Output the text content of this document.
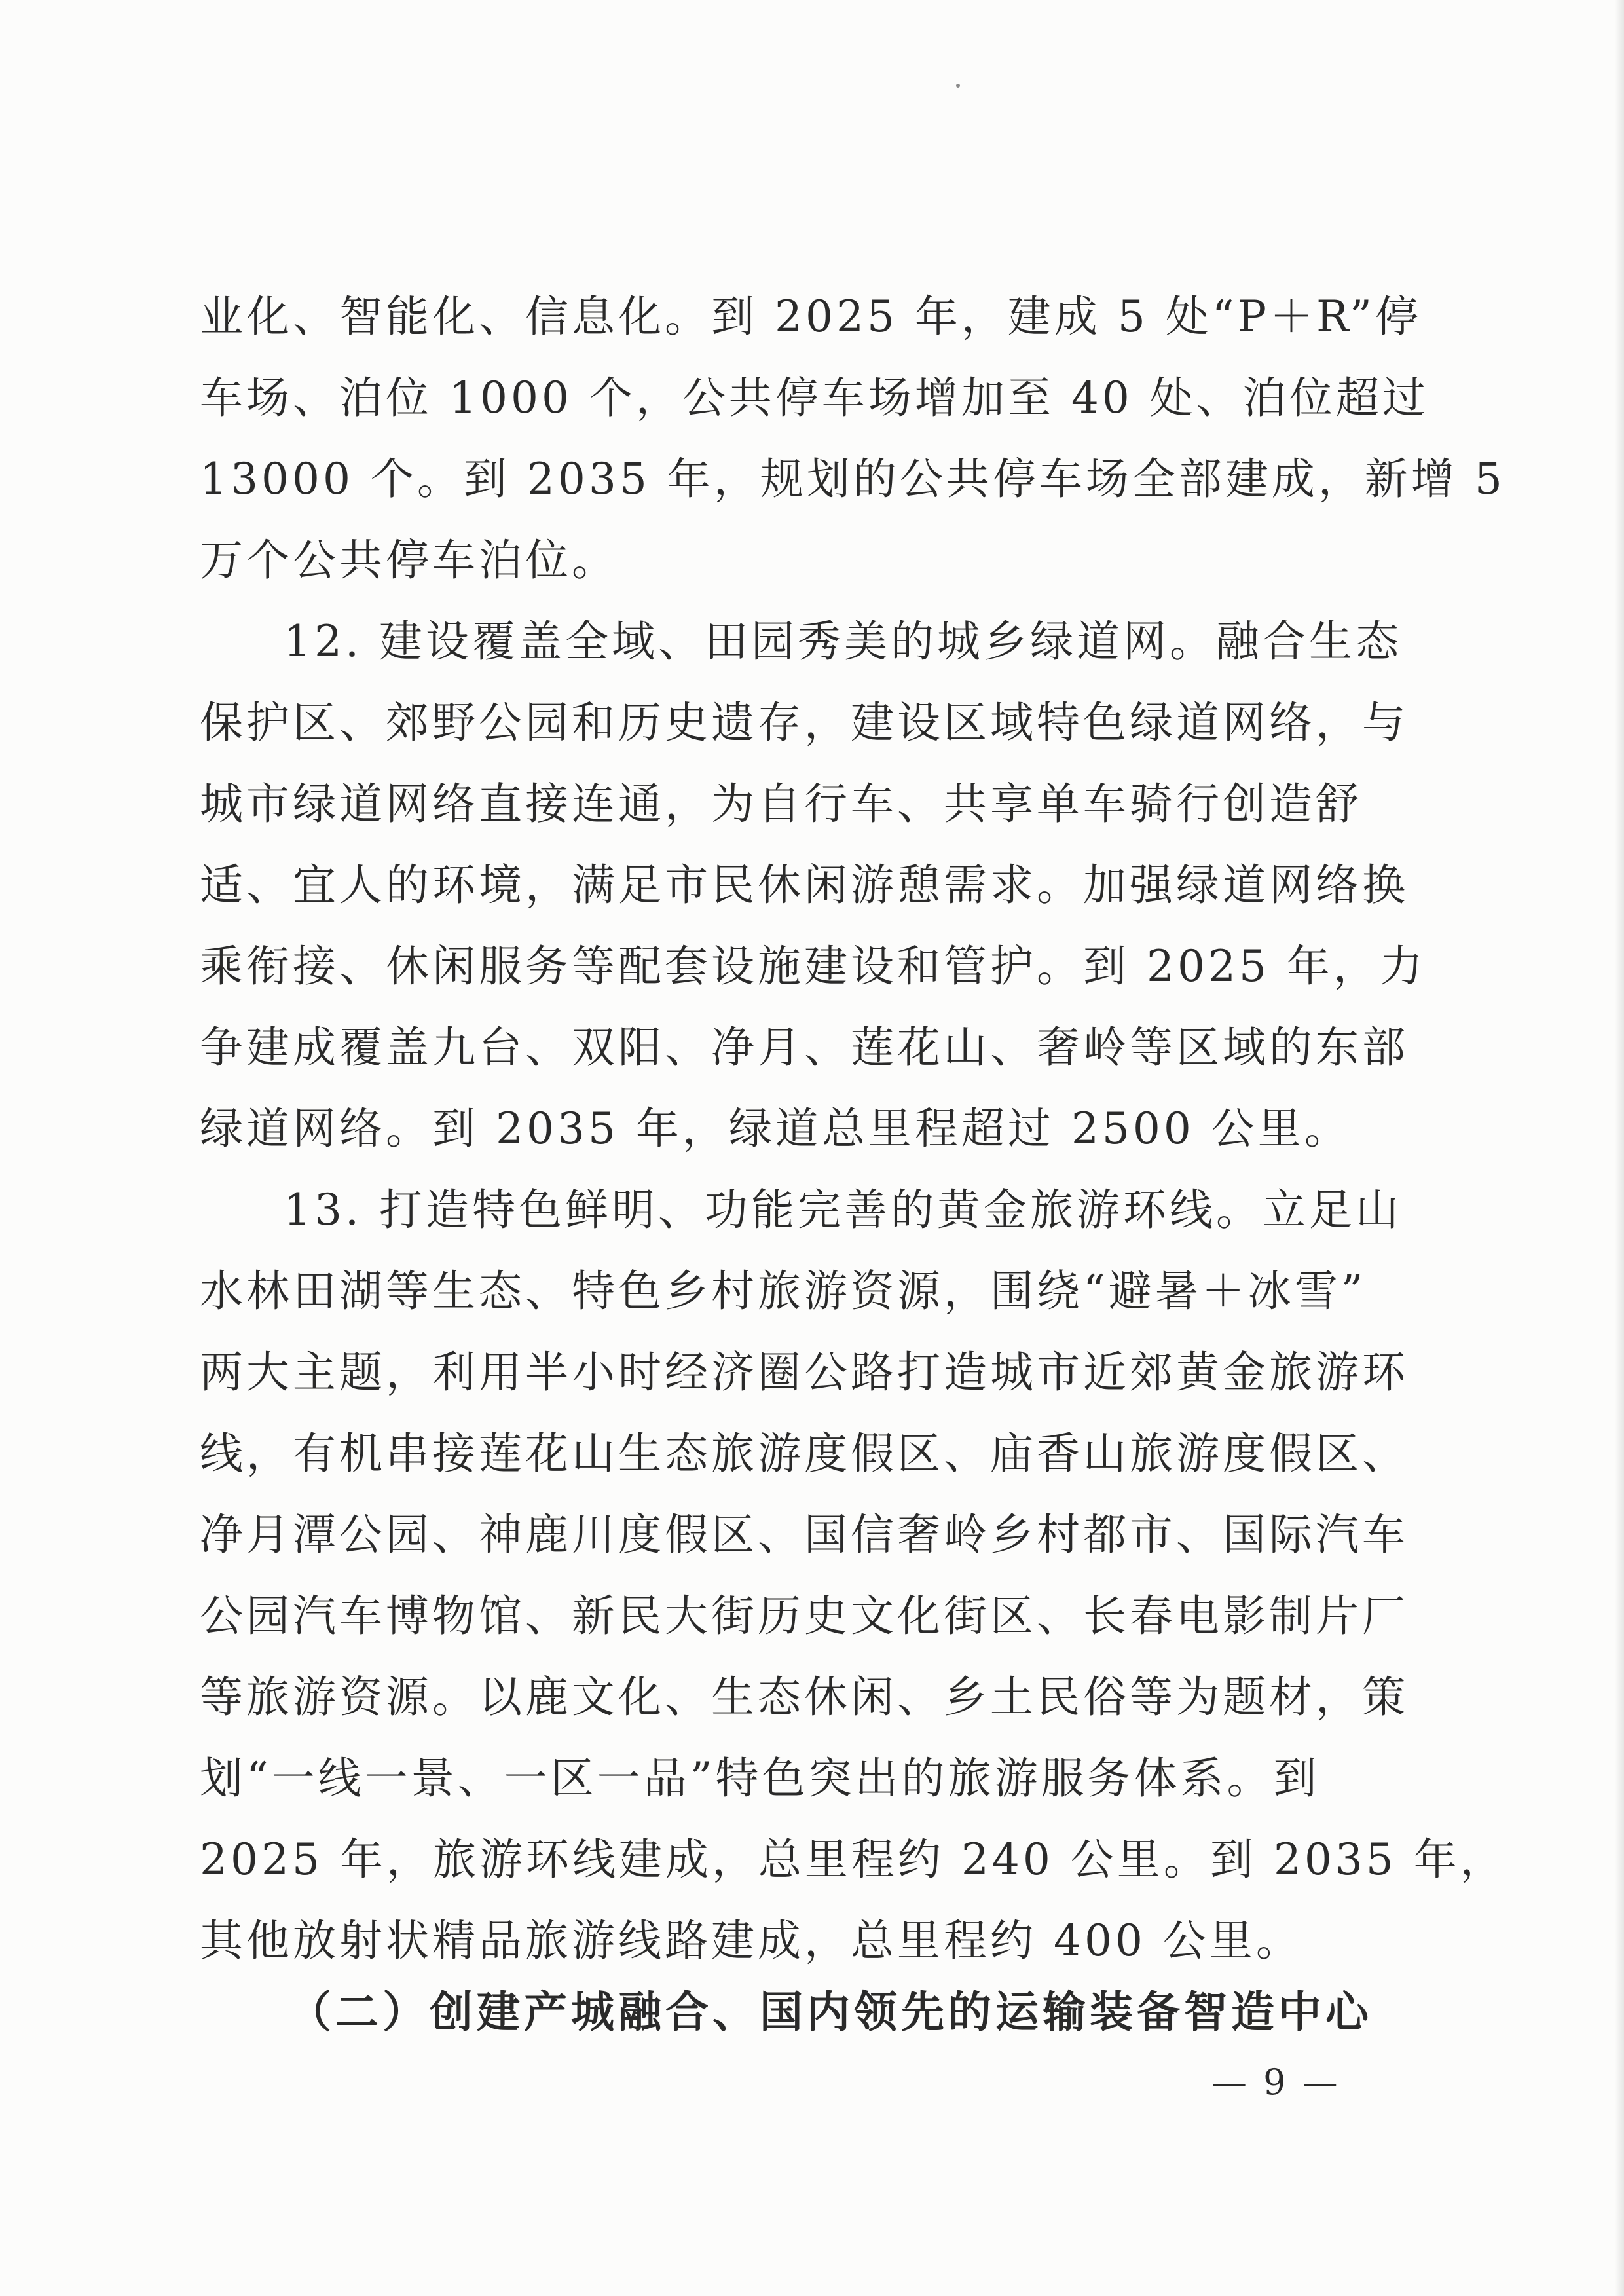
业化、智能化、信息化。到 2025 年，建成 5 处“P＋R”停
车场、泊位 1000 个，公共停车场增加至 40 处、泊位超过
13000 个。到 2035 年，规划的公共停车场全部建成，新增 5
万个公共停车泊位。
12. 建设覆盖全域、田园秀美的城乡绿道网。融合生态
保护区、郊野公园和历史遗存，建设区域特色绿道网络，与
城市绿道网络直接连通，为自行车、共享单车骑行创造舒
适、宜人的环境，满足市民休闲游憩需求。加强绿道网络换
乘衔接、休闲服务等配套设施建设和管护。到 2025 年，力
争建成覆盖九台、双阳、净月、莲花山、奢岭等区域的东部
绿道网络。到 2035 年，绿道总里程超过 2500 公里。
13. 打造特色鲜明、功能完善的黄金旅游环线。立足山
水林田湖等生态、特色乡村旅游资源，围绕“避暑＋冰雪”
两大主题，利用半小时经济圈公路打造城市近郊黄金旅游环
线，有机串接莲花山生态旅游度假区、庙香山旅游度假区、
净月潭公园、神鹿川度假区、国信奢岭乡村都市、国际汽车
公园汽车博物馆、新民大街历史文化街区、长春电影制片厂
等旅游资源。以鹿文化、生态休闲、乡土民俗等为题材，策
划“一线一景、一区一品”特色突出的旅游服务体系。到
2025 年，旅游环线建成，总里程约 240 公里。到 2035 年，
其他放射状精品旅游线路建成，总里程约 400 公里。
（二）创建产城融合、国内领先的运输装备智造中心
— 9 —
